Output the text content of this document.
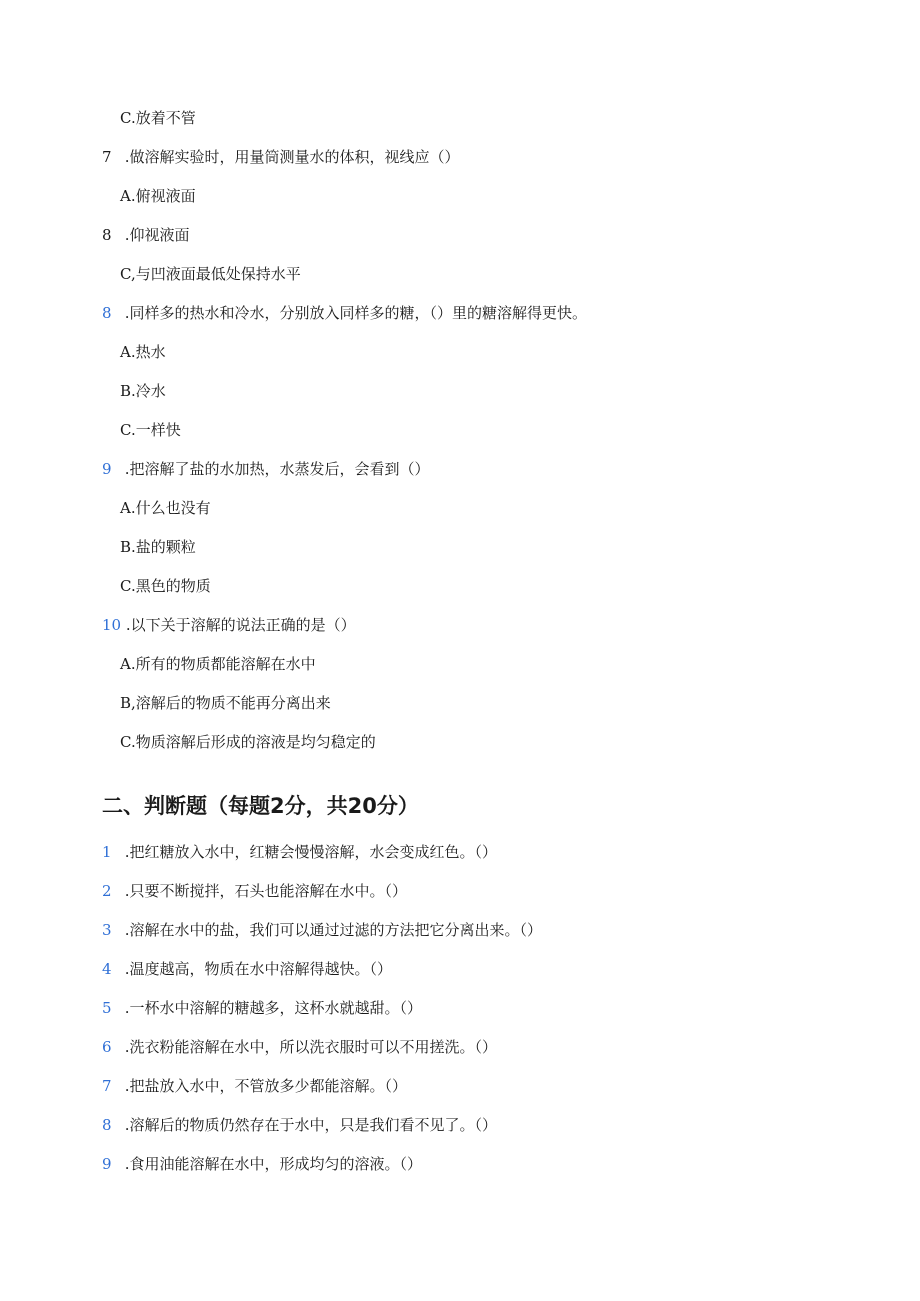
C.放着不管
7 .做溶解实验时，用量筒测量水的体积，视线应（）
A.俯视液面
8 .仰视液面
C,与凹液面最低处保持水平
8 .同样多的热水和冷水，分别放入同样多的糖，（）里的糖溶解得更快。
A.热水
B.冷水
C.一样快
9 .把溶解了盐的水加热，水蒸发后，会看到（）
A.什么也没有
B.盐的颗粒
C.黑色的物质
10 .以下关于溶解的说法正确的是（）
A.所有的物质都能溶解在水中
B,溶解后的物质不能再分离出来
C.物质溶解后形成的溶液是均匀稳定的
二、判断题（每题2分，共20分）
1 .把红糖放入水中，红糖会慢慢溶解，水会变成红色。（）
2 .只要不断搅拌，石头也能溶解在水中。（）
3 .溶解在水中的盐，我们可以通过过滤的方法把它分离出来。（）
4 .温度越高，物质在水中溶解得越快。（）
5 .一杯水中溶解的糖越多，这杯水就越甜。（）
6 .洗衣粉能溶解在水中，所以洗衣服时可以不用搓洗。（）
7 .把盐放入水中，不管放多少都能溶解。（）
8 .溶解后的物质仍然存在于水中，只是我们看不见了。（）
9 .食用油能溶解在水中，形成均匀的溶液。（）
